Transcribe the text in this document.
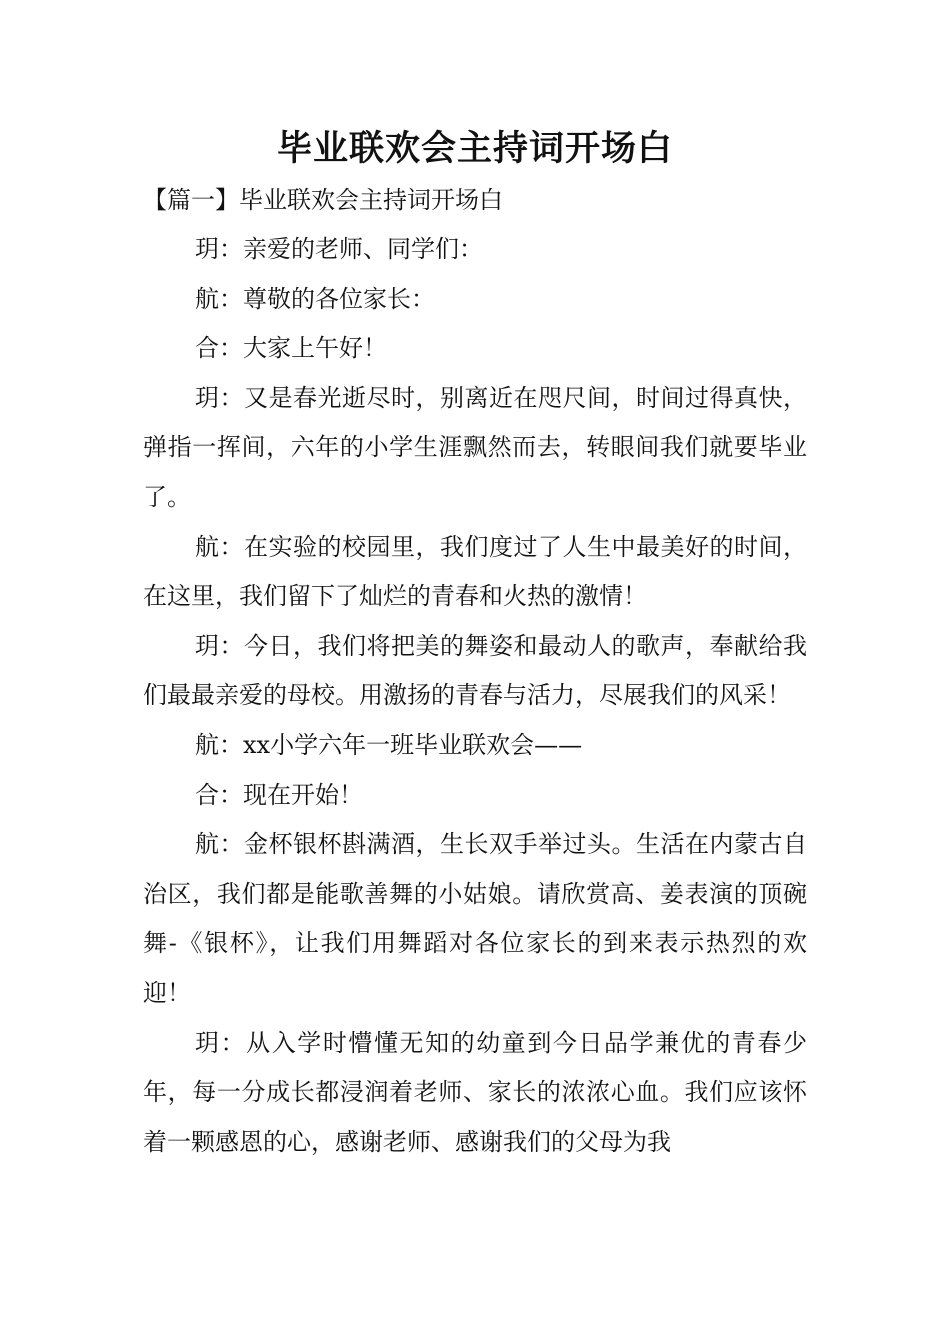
毕业联欢会主持词开场白

【篇一】毕业联欢会主持词开场白

玥：亲爱的老师、同学们：

航：尊敬的各位家长：

合：大家上午好！

玥：又是春光逝尽时，别离近在咫尺间，时间过得真快，弹指一挥间，六年的小学生涯飘然而去，转眼间我们就要毕业了。

航：在实验的校园里，我们度过了人生中最美好的时间，在这里，我们留下了灿烂的青春和火热的激情！

玥：今日，我们将把美的舞姿和最动人的歌声，奉献给我们最最亲爱的母校。用激扬的青春与活力，尽展我们的风采！

航：xx小学六年一班毕业联欢会——

合：现在开始！

航：金杯银杯斟满酒，生长双手举过头。生活在内蒙古自治区，我们都是能歌善舞的小姑娘。请欣赏高、姜表演的顶碗舞-《银杯》，让我们用舞蹈对各位家长的到来表示热烈的欢迎！

玥：从入学时懵懂无知的幼童到今日品学兼优的青春少年，每一分成长都浸润着老师、家长的浓浓心血。我们应该怀着一颗感恩的心，感谢老师、感谢我们的父母为我
